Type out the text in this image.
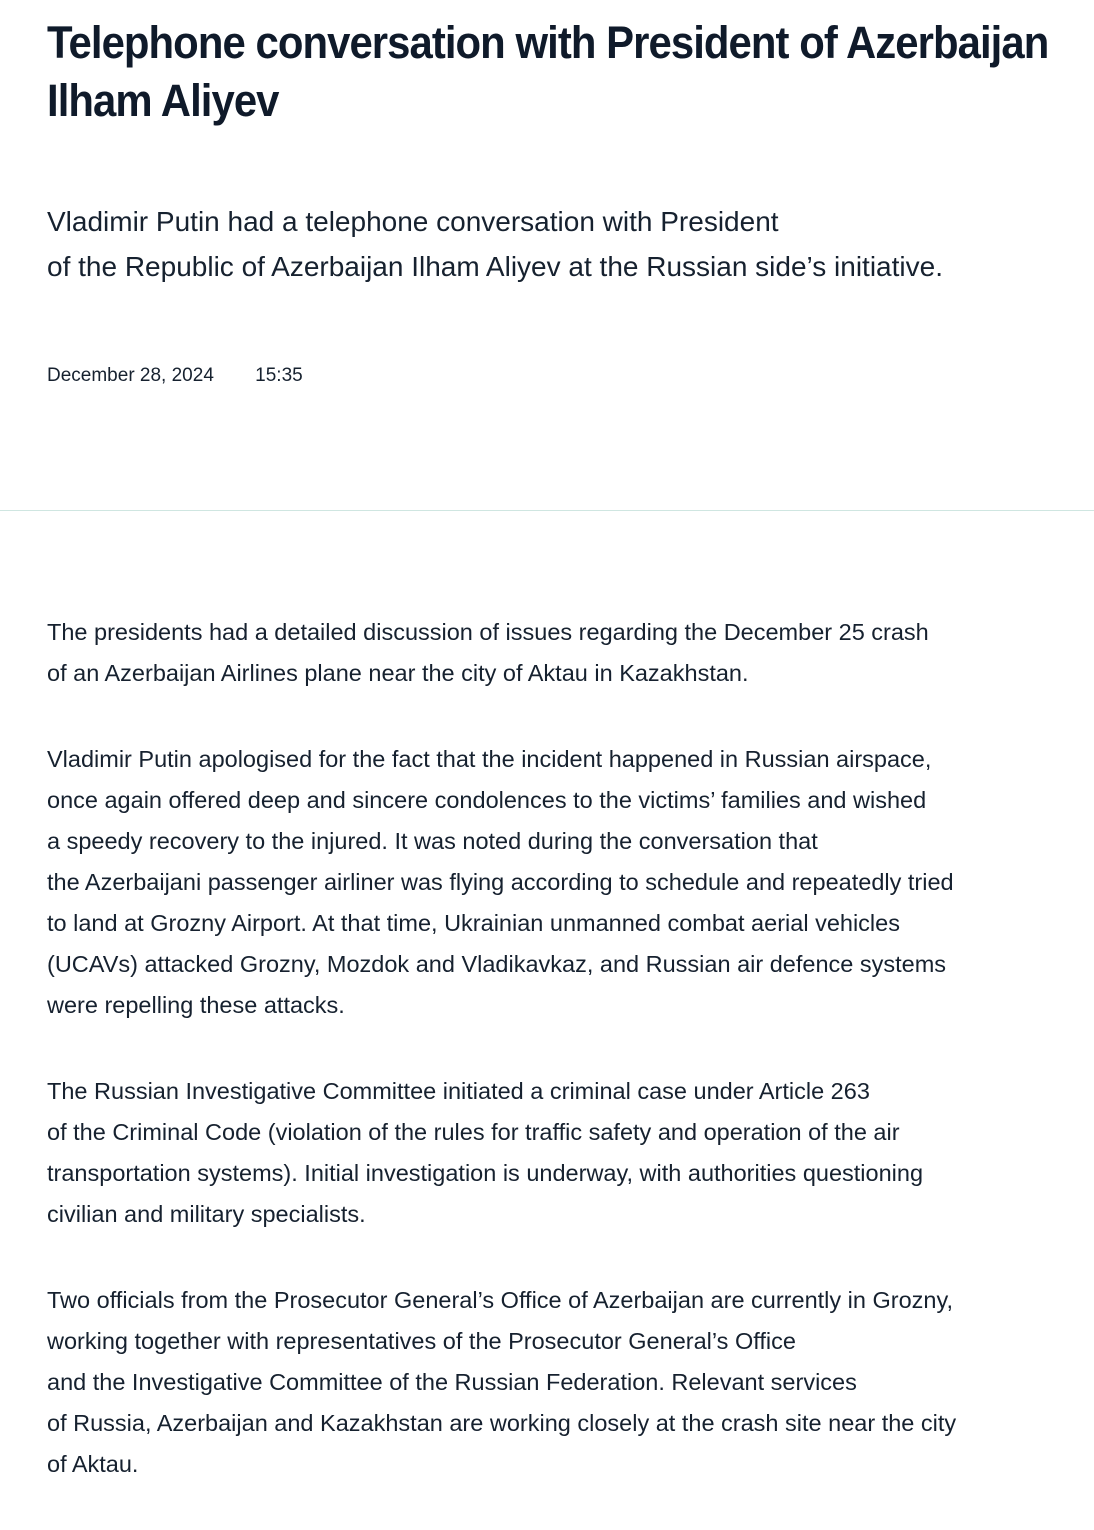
Telephone conversation with President of Azerbaijan
Ilham Aliyev
Vladimir Putin had a telephone conversation with President
of the Republic of Azerbaijan Ilham Aliyev at the Russian side’s initiative.
December 28, 2024 15:35

The presidents had a detailed discussion of issues regarding the December 25 crash
of an Azerbaijan Airlines plane near the city of Aktau in Kazakhstan.

Vladimir Putin apologised for the fact that the incident happened in Russian airspace,
once again offered deep and sincere condolences to the victims’ families and wished
a speedy recovery to the injured. It was noted during the conversation that
the Azerbaijani passenger airliner was flying according to schedule and repeatedly tried
to land at Grozny Airport. At that time, Ukrainian unmanned combat aerial vehicles
(UCAVs) attacked Grozny, Mozdok and Vladikavkaz, and Russian air defence systems
were repelling these attacks.

The Russian Investigative Committee initiated a criminal case under Article 263
of the Criminal Code (violation of the rules for traffic safety and operation of the air
transportation systems). Initial investigation is underway, with authorities questioning
civilian and military specialists.

Two officials from the Prosecutor General’s Office of Azerbaijan are currently in Grozny,
working together with representatives of the Prosecutor General’s Office
and the Investigative Committee of the Russian Federation. Relevant services
of Russia, Azerbaijan and Kazakhstan are working closely at the crash site near the city
of Aktau.
